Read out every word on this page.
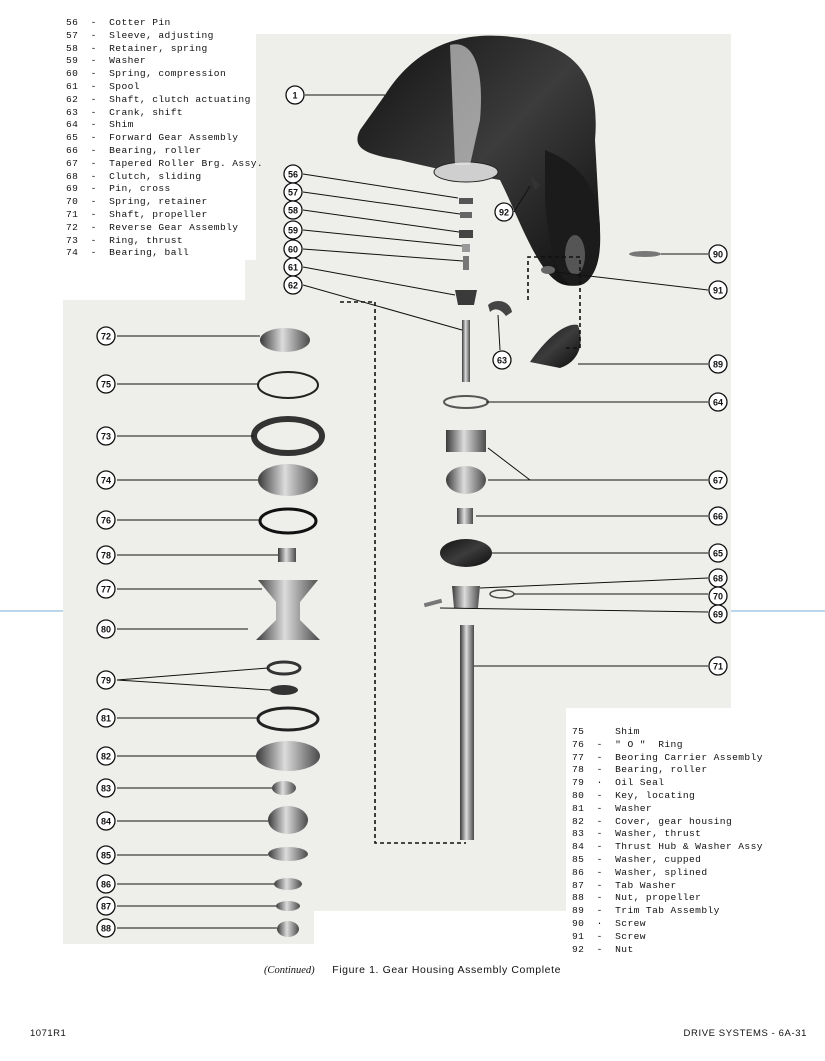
1
56
57
58
59
60
61
62
92
63
90
91
89
64
67
66
65
68
70
69
71
72
75
73
74
76
78
77
80
79
81
82
83
84
85
86
87
88
56  -  Cotter Pin
57  -  Sleeve, adjusting
58  -  Retainer, spring
59  -  Washer
60  -  Spring, compression
61  -  Spool
62  -  Shaft, clutch actuating
63  -  Crank, shift
64  -  Shim
65  -  Forward Gear Assembly
66  -  Bearing, roller
67  -  Tapered Roller Brg. Assy.
68  -  Clutch, sliding
69  -  Pin, cross
70  -  Spring, retainer
71  -  Shaft, propeller
72  -  Reverse Gear Assembly
73  -  Ring, thrust
74  -  Bearing, ball
75	Shim
76  -  " O "  Ring
77  -  Beoring Carrier Assembly
78  -  Bearing, roller
79  ·  Oil Seal
80  -  Key, locating
81  -  Washer
82  -  Cover, gear housing
83  -  Washer, thrust
84  -  Thrust Hub & Washer Assy
85  -  Washer, cupped
86  -  Washer, splined
87  -  Tab Washer
88  -  Nut, propeller
89  -  Trim Tab Assembly
90  ·  Screw
91  -  Screw
92  -  Nut
(Continued) Figure 1. Gear Housing Assembly Complete
1071R1	DRIVE SYSTEMS - 6A-31
